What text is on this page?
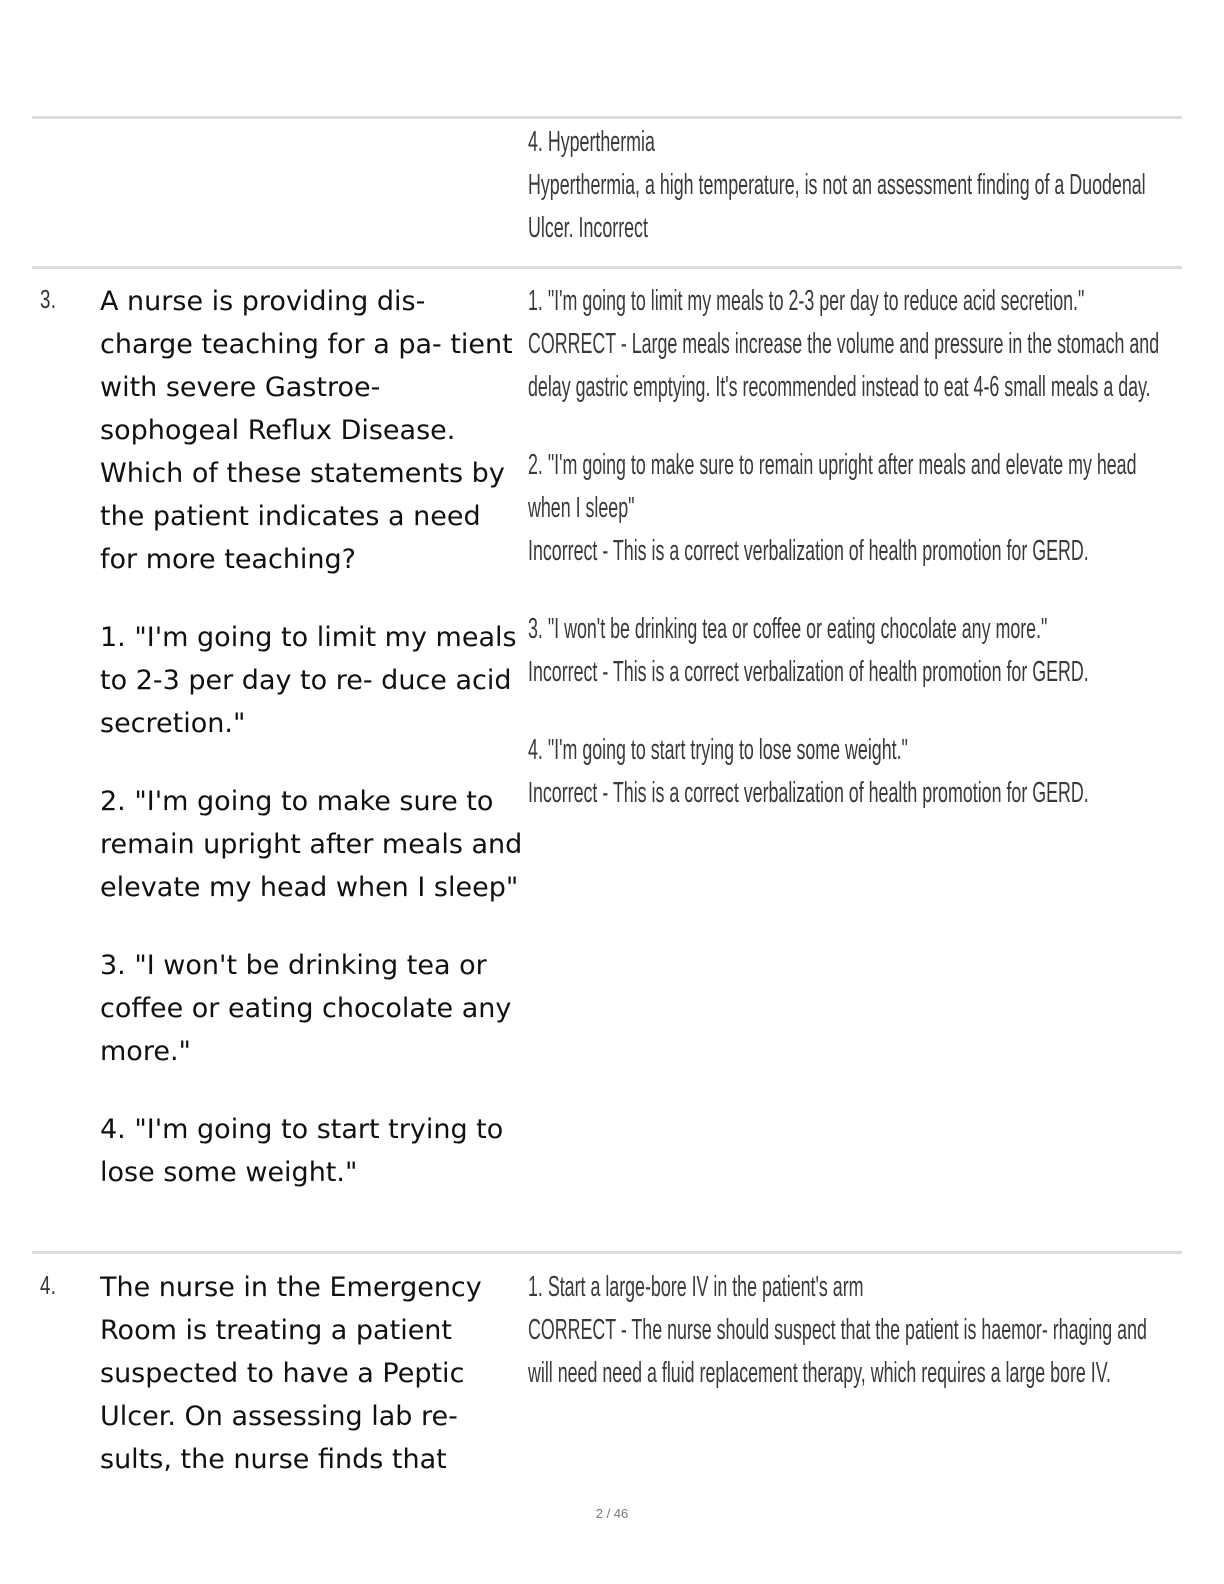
4. Hyperthermia

Hyperthermia, a high temperature, is not an assessment finding of a Duodenal Ulcer. Incorrect

3. A nurse is providing dis- charge teaching for a pa- tient with severe Gastroe- sophogeal Reflux Disease. Which of these statements by the patient indicates a need for more teaching?

1. "I'm going to limit my meals to 2-3 per day to re- duce acid secretion."

2. "I'm going to make sure to remain upright after meals and elevate my head when I sleep"

3. "I won't be drinking tea or coffee or eating chocolate any more."

4. "I'm going to start trying to lose some weight."

1. "I'm going to limit my meals to 2-3 per day to reduce acid secretion."

CORRECT - Large meals increase the volume and pressure in the stomach and delay gastric emptying. It's recommended instead to eat 4-6 small meals a day.

2. "I'm going to make sure to remain upright after meals and elevate my head when I sleep"

Incorrect - This is a correct verbalization of health promotion for GERD.

3. "I won't be drinking tea or coffee or eating chocolate any more."

Incorrect - This is a correct verbalization of health promotion for GERD.

4. "I'm going to start trying to lose some weight."

Incorrect - This is a correct verbalization of health promotion for GERD.

4. The nurse in the Emergency Room is treating a patient suspected to have a Peptic Ulcer. On assessing lab re- sults, the nurse finds that

1. Start a large-bore IV in the patient's arm

CORRECT - The nurse should suspect that the patient is haemor- rhaging and will need need a fluid replacement therapy, which requires a large bore IV.

2 / 46
